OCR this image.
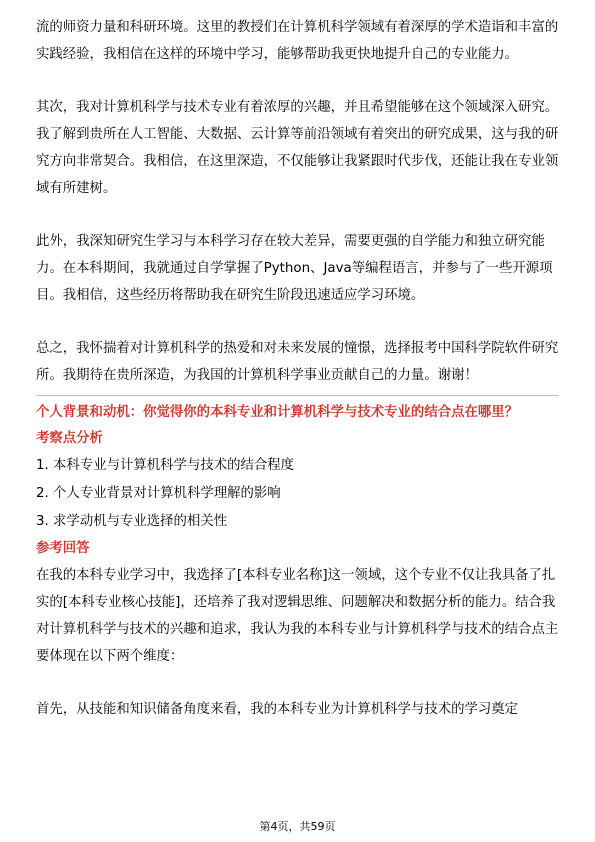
流的师资力量和科研环境。这里的教授们在计算机科学领域有着深厚的学术造诣和丰富的实践经验，我相信在这样的环境中学习，能够帮助我更快地提升自己的专业能力。

其次，我对计算机科学与技术专业有着浓厚的兴趣，并且希望能够在这个领域深入研究。我了解到贵所在人工智能、大数据、云计算等前沿领域有着突出的研究成果，这与我的研究方向非常契合。我相信，在这里深造，不仅能够让我紧跟时代步伐，还能让我在专业领域有所建树。

此外，我深知研究生学习与本科学习存在较大差异，需要更强的自学能力和独立研究能力。在本科期间，我就通过自学掌握了Python、Java等编程语言，并参与了一些开源项目。我相信，这些经历将帮助我在研究生阶段迅速适应学习环境。

总之，我怀揣着对计算机科学的热爱和对未来发展的憧憬，选择报考中国科学院软件研究所。我期待在贵所深造，为我国的计算机科学事业贡献自己的力量。谢谢！

个人背景和动机：你觉得你的本科专业和计算机科学与技术专业的结合点在哪里？

考察点分析

1. 本科专业与计算机科学与技术的结合程度
2. 个人专业背景对计算机科学理解的影响
3. 求学动机与专业选择的相关性

参考回答

在我的本科专业学习中，我选择了[本科专业名称]这一领域，这个专业不仅让我具备了扎实的[本科专业核心技能]，还培养了我对逻辑思维、问题解决和数据分析的能力。结合我对计算机科学与技术的兴趣和追求，我认为我的本科专业与计算机科学与技术的结合点主要体现在以下两个维度：

首先，从技能和知识储备角度来看，我的本科专业为计算机科学与技术的学习奠定

第4页，共59页
